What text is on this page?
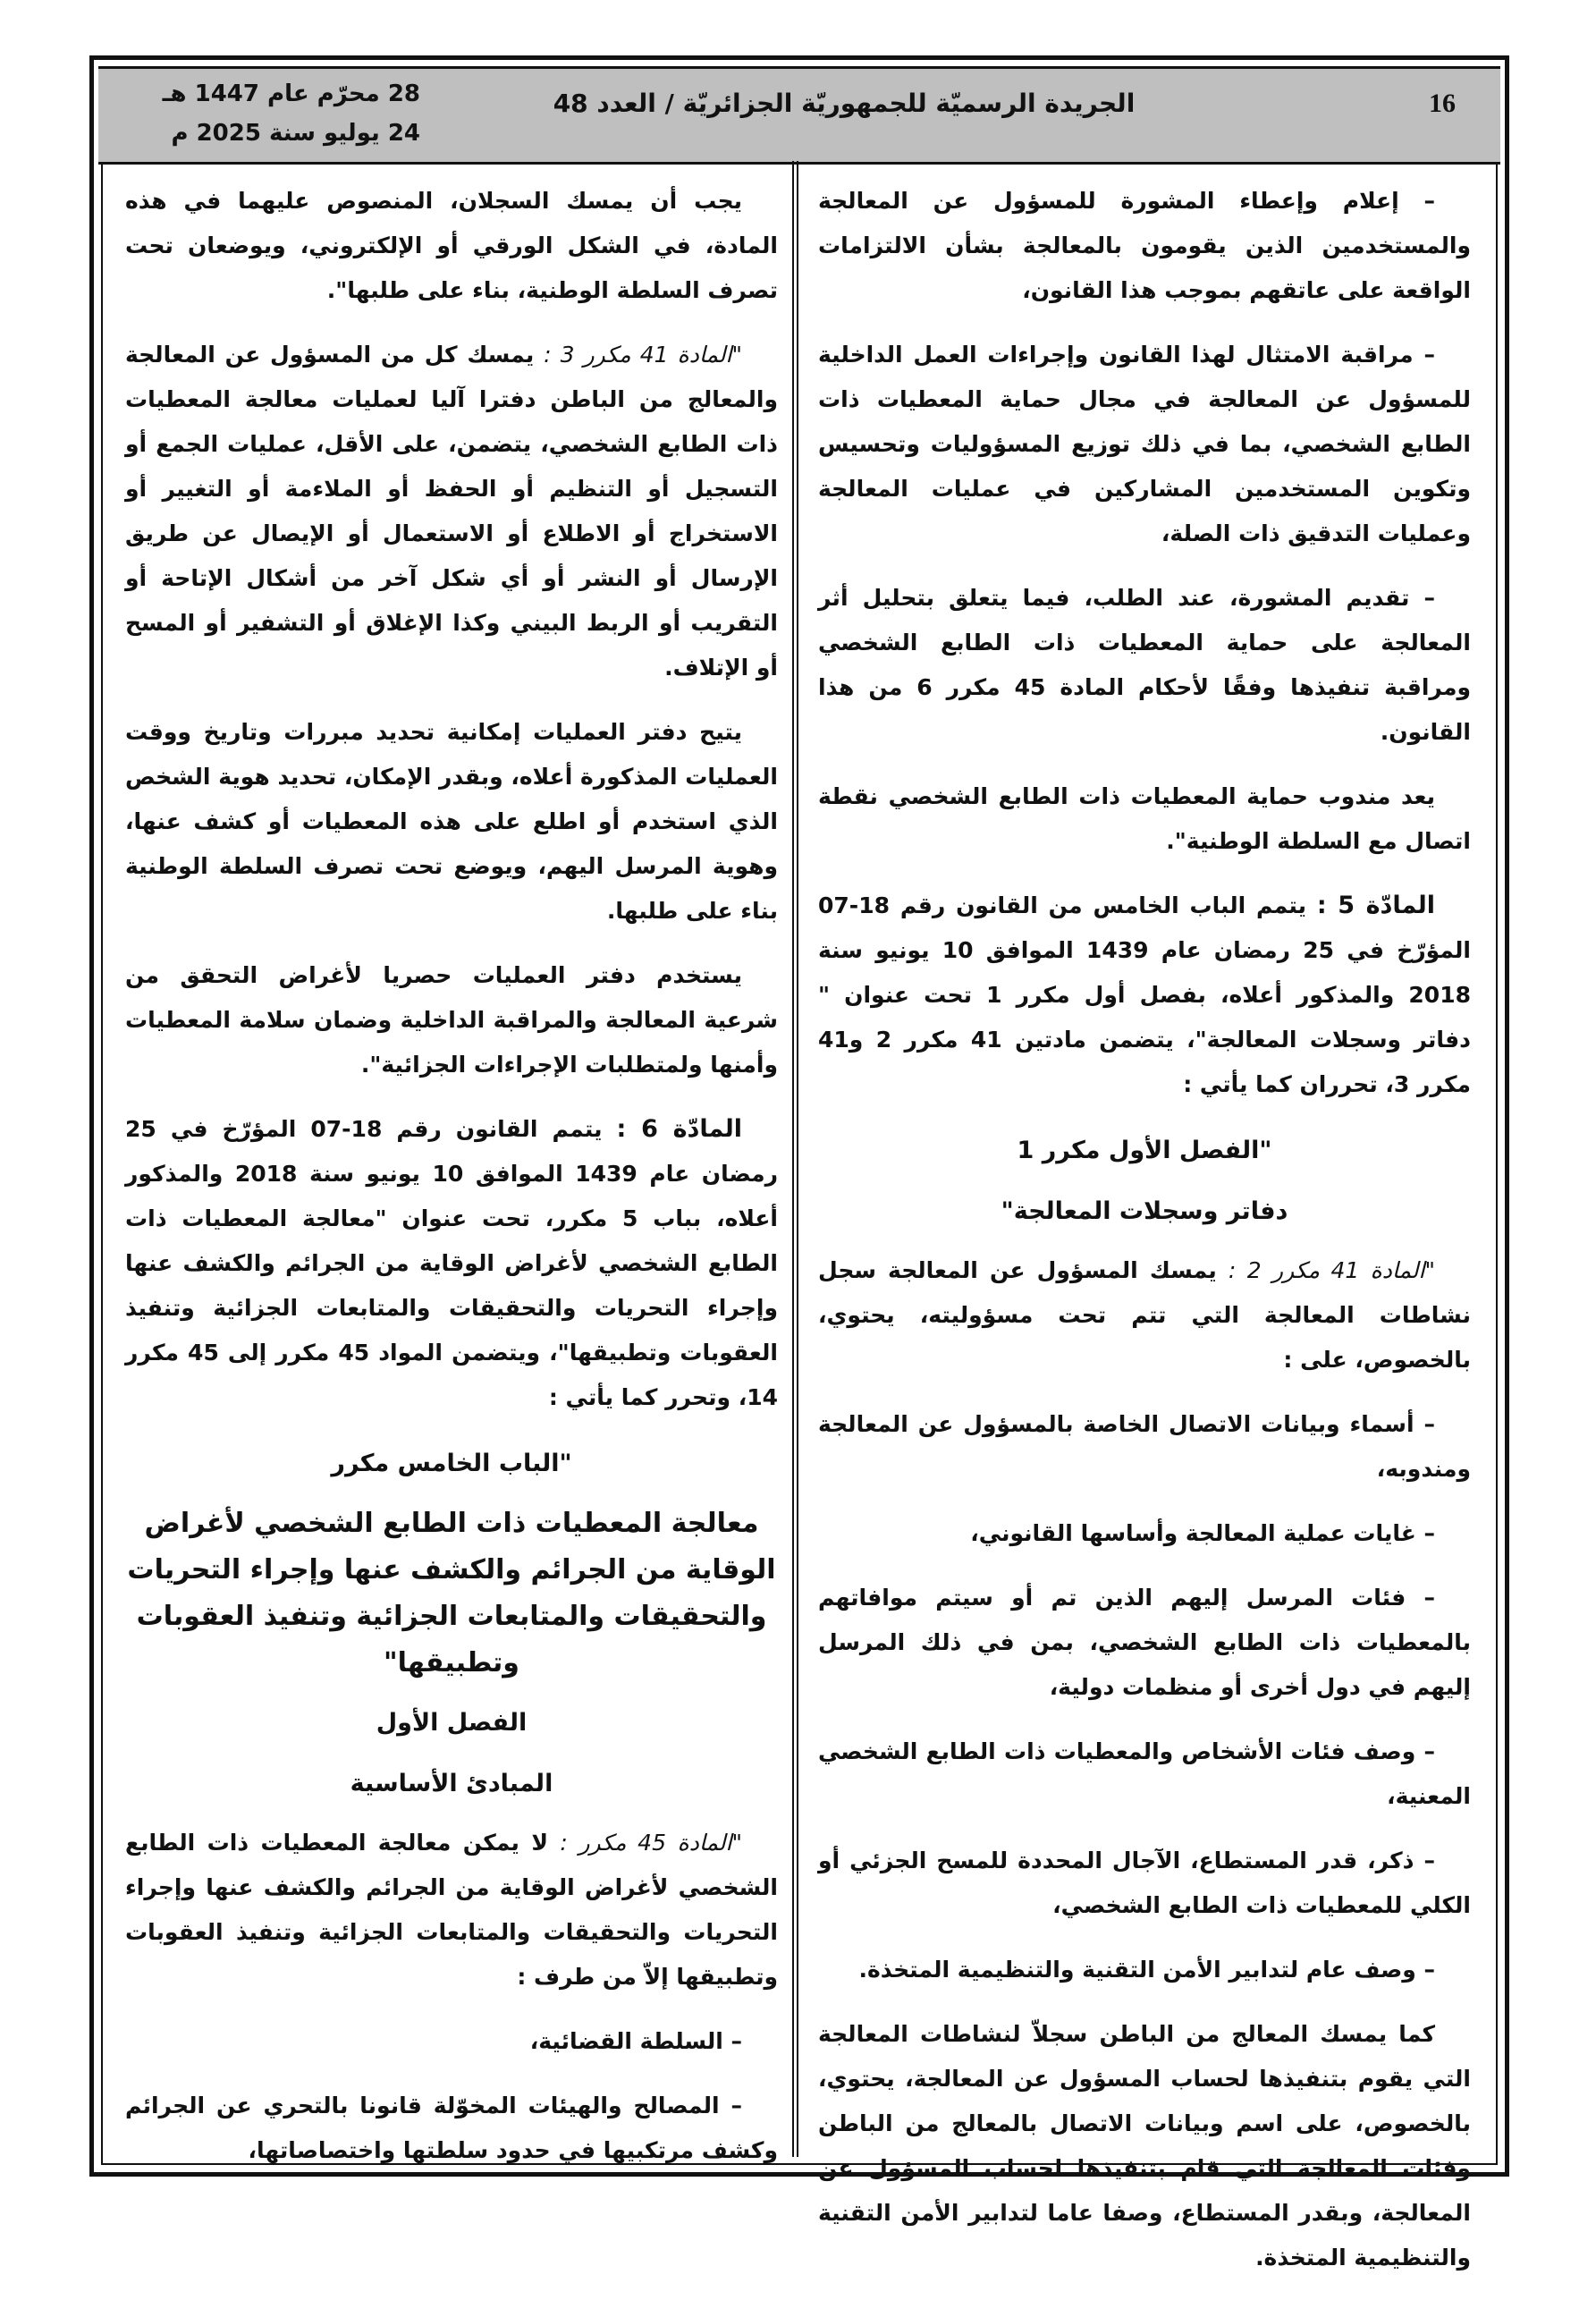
16
الجريدة الرسميّة للجمهوريّة الجزائريّة / العدد 48
28 محرّم عام 1447 هـ
24 يوليو سنة 2025 م

– إعلام وإعطاء المشورة للمسؤول عن المعالجة والمستخدمين الذين يقومون بالمعالجة بشأن الالتزامات الواقعة على عاتقهم بموجب هذا القانون،

– مراقبة الامتثال لهذا القانون وإجراءات العمل الداخلية للمسؤول عن المعالجة في مجال حماية المعطيات ذات الطابع الشخصي، بما في ذلك توزيع المسؤوليات وتحسيس وتكوين المستخدمين المشاركين في عمليات المعالجة وعمليات التدقيق ذات الصلة،

– تقديم المشورة، عند الطلب، فيما يتعلق بتحليل أثر المعالجة على حماية المعطيات ذات الطابع الشخصي ومراقبة تنفيذها وفقًا لأحكام المادة 45 مكرر 6 من هذا القانون.

يعد مندوب حماية المعطيات ذات الطابع الشخصي نقطة اتصال مع السلطة الوطنية".

المادّة 5 : يتمم الباب الخامس من القانون رقم 18-07 المؤرّخ في 25 رمضان عام 1439 الموافق 10 يونيو سنة 2018 والمذكور أعلاه، بفصل أول مكرر 1 تحت عنوان " دفاتر وسجلات المعالجة"، يتضمن مادتين 41 مكرر 2 و41 مكرر 3، تحرران كما يأتي :

"الفصل الأول مكرر 1
دفاتر وسجلات المعالجة"

"المادة 41 مكرر 2 : يمسك المسؤول عن المعالجة سجل نشاطات المعالجة التي تتم تحت مسؤوليته، يحتوي، بالخصوص، على :

– أسماء وبيانات الاتصال الخاصة بالمسؤول عن المعالجة ومندوبه،

– غايات عملية المعالجة وأساسها القانوني،

– فئات المرسل إليهم الذين تم أو سيتم موافاتهم بالمعطيات ذات الطابع الشخصي، بمن في ذلك المرسل إليهم في دول أخرى أو منظمات دولية،

– وصف فئات الأشخاص والمعطيات ذات الطابع الشخصي المعنية،

– ذكر، قدر المستطاع، الآجال المحددة للمسح الجزئي أو الكلي للمعطيات ذات الطابع الشخصي،

– وصف عام لتدابير الأمن التقنية والتنظيمية المتخذة.

كما يمسك المعالج من الباطن سجلاّ لنشاطات المعالجة التي يقوم بتنفيذها لحساب المسؤول عن المعالجة، يحتوي، بالخصوص، على اسم وبيانات الاتصال بالمعالج من الباطن وفئات المعالجة التي قام بتنفيذها لحساب المسؤول عن المعالجة، وبقدر المستطاع، وصفا عاما لتدابير الأمن التقنية والتنظيمية المتخذة.

يجب أن يمسك السجلان، المنصوص عليهما في هذه المادة، في الشكل الورقي أو الإلكتروني، ويوضعان تحت تصرف السلطة الوطنية، بناء على طلبها".

"المادة 41 مكرر 3 : يمسك كل من المسؤول عن المعالجة والمعالج من الباطن دفترا آليا لعمليات معالجة المعطيات ذات الطابع الشخصي، يتضمن، على الأقل، عمليات الجمع أو التسجيل أو التنظيم أو الحفظ أو الملاءمة أو التغيير أو الاستخراج أو الاطلاع أو الاستعمال أو الإيصال عن طريق الإرسال أو النشر أو أي شكل آخر من أشكال الإتاحة أو التقريب أو الربط البيني وكذا الإغلاق أو التشفير أو المسح أو الإتلاف.

يتيح دفتر العمليات إمكانية تحديد مبررات وتاريخ ووقت العمليات المذكورة أعلاه، وبقدر الإمكان، تحديد هوية الشخص الذي استخدم أو اطلع على هذه المعطيات أو كشف عنها، وهوية المرسل اليهم، ويوضع تحت تصرف السلطة الوطنية بناء على طلبها.

يستخدم دفتر العمليات حصريا لأغراض التحقق من شرعية المعالجة والمراقبة الداخلية وضمان سلامة المعطيات وأمنها ولمتطلبات الإجراءات الجزائية".

المادّة 6 : يتمم القانون رقم 18-07 المؤرّخ في 25 رمضان عام 1439 الموافق 10 يونيو سنة 2018 والمذكور أعلاه، بباب 5 مكرر، تحت عنوان "معالجة المعطيات ذات الطابع الشخصي لأغراض الوقاية من الجرائم والكشف عنها وإجراء التحريات والتحقيقات والمتابعات الجزائية وتنفيذ العقوبات وتطبيقها"، ويتضمن المواد 45 مكرر إلى 45 مكرر 14، وتحرر كما يأتي :

"الباب الخامس مكرر
معالجة المعطيات ذات الطابع الشخصي لأغراض الوقاية من الجرائم والكشف عنها وإجراء التحريات والتحقيقات والمتابعات الجزائية وتنفيذ العقوبات وتطبيقها"
الفصل الأول
المبادئ الأساسية

"المادة 45 مكرر : لا يمكن معالجة المعطيات ذات الطابع الشخصي لأغراض الوقاية من الجرائم والكشف عنها وإجراء التحريات والتحقيقات والمتابعات الجزائية وتنفيذ العقوبات وتطبيقها إلاّ من طرف :

– السلطة القضائية،

– المصالح والهيئات المخوّلة قانونا بالتحري عن الجرائم وكشف مرتكبيها في حدود سلطتها واختصاصاتها،
